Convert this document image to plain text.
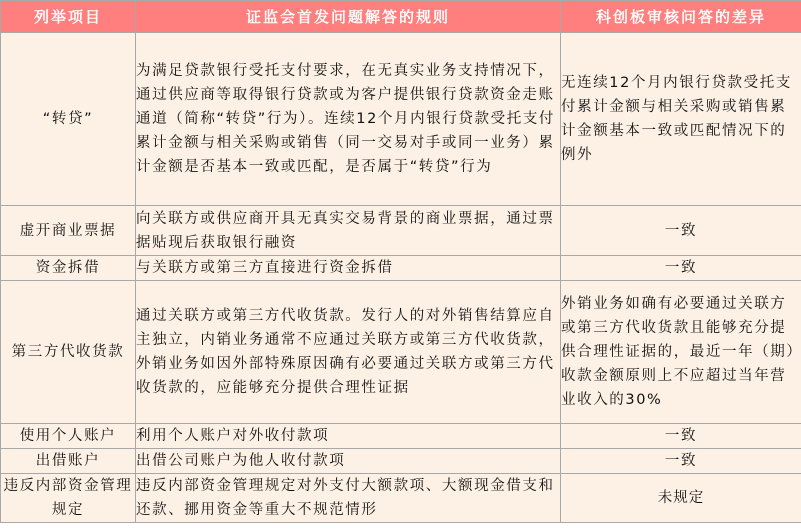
列举项目	证监会首发问题解答的规则	科创板审核问答的差异
“转贷”	为满足贷款银行受托支付要求，在无真实业务支持情况下，通过供应商等取得银行贷款或为客户提供银行贷款资金走账通道（简称“转贷”行为）。连续12个月内银行贷款受托支付累计金额与相关采购或销售（同一交易对手或同一业务）累计金额是否基本一致或匹配，是否属于“转贷”行为	无连续12个月内银行贷款受托支付累计金额与相关采购或销售累计金额基本一致或匹配情况下的例外
虚开商业票据	向关联方或供应商开具无真实交易背景的商业票据，通过票据贴现后获取银行融资	一致
资金拆借	与关联方或第三方直接进行资金拆借	一致
第三方代收货款	通过关联方或第三方代收货款。发行人的对外销售结算应自主独立，内销业务通常不应通过关联方或第三方代收货款，外销业务如因外部特殊原因确有必要通过关联方或第三方代收货款的，应能够充分提供合理性证据	外销业务如确有必要通过关联方或第三方代收货款且能够充分提供合理性证据的，最近一年（期）收款金额原则上不应超过当年营业收入的30%
使用个人账户	利用个人账户对外收付款项	一致
出借账户	出借公司账户为他人收付款项	一致
违反内部资金管理规定	违反内部资金管理规定对外支付大额款项、大额现金借支和还款、挪用资金等重大不规范情形	未规定
